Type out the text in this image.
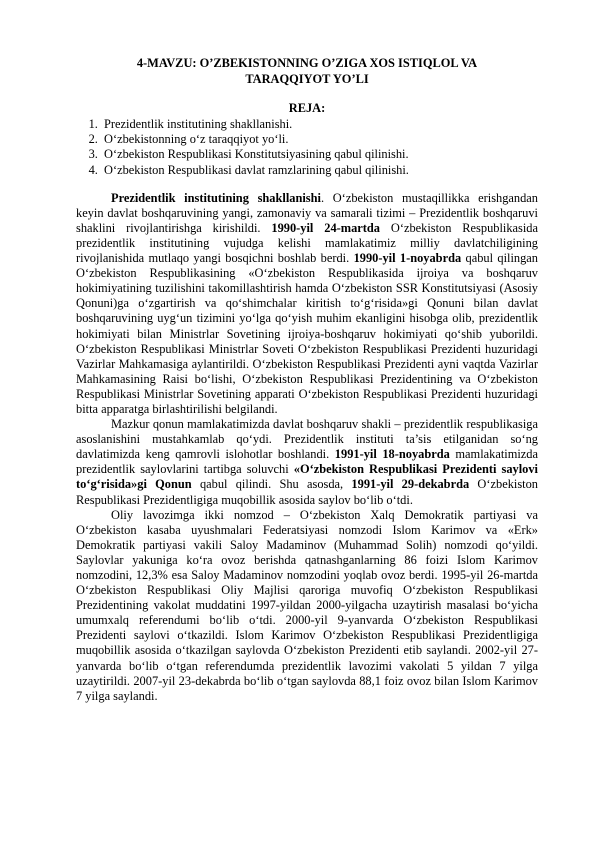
4-MAVZU: O’ZBEKISTONNING O’ZIGA XOS ISTIQLOL VA
TARAQQIYOT YO’LI
REJA:
1. Prezidentlik institutining shakllanishi.
2. O‘zbekistonning o‘z taraqqiyot yo‘li.
3. O‘zbekiston Respublikasi Konstitutsiyasining qabul qilinishi.
4. O‘zbekiston Respublikasi davlat ramzlarining qabul qilinishi.

Prezidentlik institutining shakllanishi. O‘zbekiston mustaqillikka erishgandan keyin davlat boshqaruvining yangi, zamonaviy va samarali tizimi – Prezidentlik boshqaruvi shaklini rivojlantirishga kirishildi. 1990-yil 24-martda O‘zbekiston Respublikasida prezidentlik institutining vujudga kelishi mamlakatimiz milliy davlatchiligining rivojlanishida mutlaqo yangi bosqichni boshlab berdi. 1990-yil 1-noyabrda qabul qilingan O‘zbekiston Respublikasining «O‘zbekiston Respublikasida ijroiya va boshqaruv hokimiyatining tuzilishini takomillashtirish hamda O‘zbekiston SSR Konstitutsiyasi (Asosiy Qonuni)ga o‘zgartirish va qo‘shimchalar kiritish to‘g‘risida»gi Qonuni bilan davlat boshqaruvining uyg‘un tizimini yo‘lga qo‘yish muhim ekanligini hisobga olib, prezidentlik hokimiyati bilan Ministrlar Sovetining ijroiya-boshqaruv hokimiyati qo‘shib yuborildi. O‘zbekiston Respublikasi Ministrlar Soveti O‘zbekiston Respublikasi Prezidenti huzuridagi Vazirlar Mahkamasiga aylantirildi. O‘zbekiston Respublikasi Prezidenti ayni vaqtda Vazirlar Mahkamasining Raisi bo‘lishi, O‘zbekiston Respublikasi Prezidentining va O‘zbekiston Respublikasi Ministrlar Sovetining apparati O‘zbekiston Respublikasi Prezidenti huzuridagi bitta apparatga birlashtirilishi belgilandi.

Mazkur qonun mamlakatimizda davlat boshqaruv shakli – prezidentlik respublikasiga asoslanishini mustahkamlab qo‘ydi. Prezidentlik instituti ta’sis etilganidan so‘ng davlatimizda keng qamrovli islohotlar boshlandi. 1991-yil 18-noyabrda mamlakatimizda prezidentlik saylovlarini tartibga soluvchi «O‘zbekiston Respublikasi Prezidenti saylovi to‘g‘risida»gi Qonun qabul qilindi. Shu asosda, 1991-yil 29-dekabrda O‘zbekiston Respublikasi Prezidentligiga muqobillik asosida saylov bo‘lib o‘tdi.

Oliy lavozimga ikki nomzod – O‘zbekiston Xalq Demokratik partiyasi va O‘zbekiston kasaba uyushmalari Federatsiyasi nomzodi Islom Karimov va «Erk» Demokratik partiyasi vakili Saloy Madaminov (Muhammad Solih) nomzodi qo‘yildi. Saylovlar yakuniga ko‘ra ovoz berishda qatnashganlarning 86 foizi Islom Karimov nomzodini, 12,3% esa Saloy Madaminov nomzodini yoqlab ovoz berdi. 1995-yil 26-martda O‘zbekiston Respublikasi Oliy Majlisi qaroriga muvofiq O‘zbekiston Respublikasi Prezidentining vakolat muddatini 1997-yildan 2000-yilgacha uzaytirish masalasi bo‘yicha umumxalq referendumi bo‘lib o‘tdi. 2000-yil 9-yanvarda O‘zbekiston Respublikasi Prezidenti saylovi o‘tkazildi. Islom Karimov O‘zbekiston Respublikasi Prezidentligiga muqobillik asosida o‘tkazilgan saylovda O‘zbekiston Prezidenti etib saylandi. 2002-yil 27-yanvarda bo‘lib o‘tgan referendumda prezidentlik lavozimi vakolati 5 yildan 7 yilga uzaytirildi. 2007-yil 23-dekabrda bo‘lib o‘tgan saylovda 88,1 foiz ovoz bilan Islom Karimov 7 yilga saylandi.
